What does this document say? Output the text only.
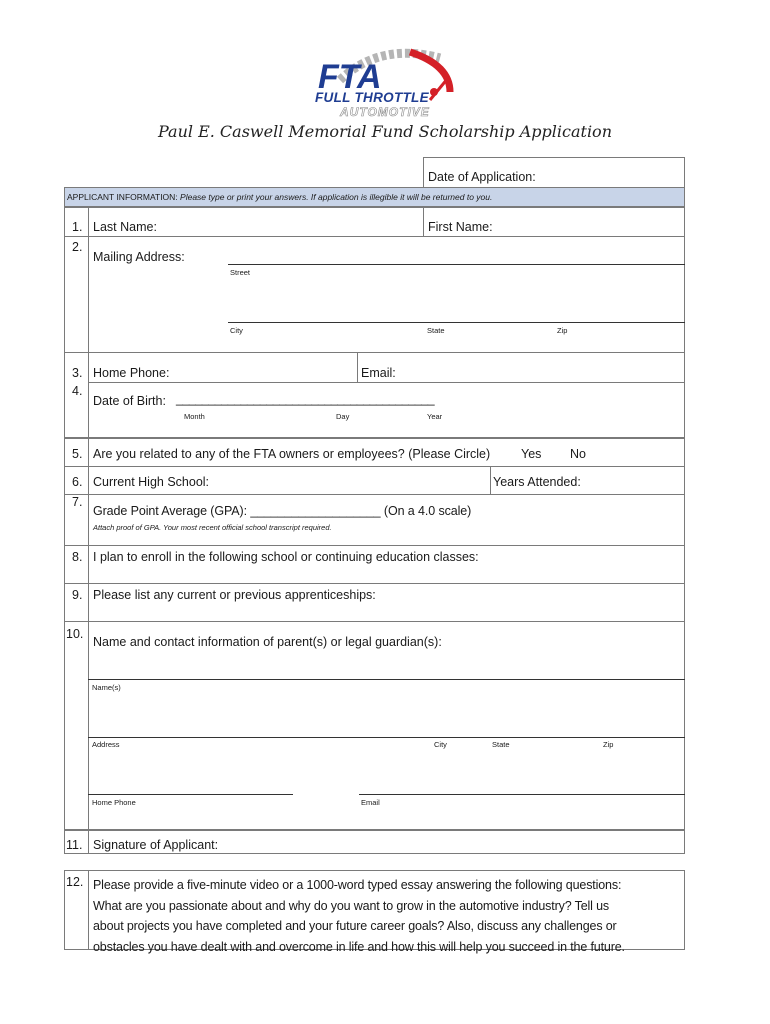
FTA
FULL THROTTLE
AUTOMOTIVE
Paul E. Caswell Memorial Fund Scholarship Application
Date of Application:
APPLICANT INFORMATION: Please type or print your answers. If application is illegible it will be returned to you.
1. Last Name:	First Name:
2.
Mailing Address:
Street
City	State	Zip
3. Home Phone:	Email:
4.
Date of Birth: ________________________________________
Month	Day	Year
5. Are you related to any of the FTA owners or employees? (Please Circle) Yes No
6. Current High School:	Years Attended:
7.
Grade Point Average (GPA): ___________________ (On a 4.0 scale)
Attach proof of GPA. Your most recent official school transcript required.
8. I plan to enroll in the following school or continuing education classes:
9. Please list any current or previous apprenticeships:
10.
Name and contact information of parent(s) or legal guardian(s):
Name(s)
Address	City	State	Zip
Home Phone	Email
11. Signature of Applicant:
12. Please provide a five-minute video or a 1000-word typed essay answering the following questions:
What are you passionate about and why do you want to grow in the automotive industry? Tell us
about projects you have completed and your future career goals? Also, discuss any challenges or
obstacles you have dealt with and overcome in life and how this will help you succeed in the future.
